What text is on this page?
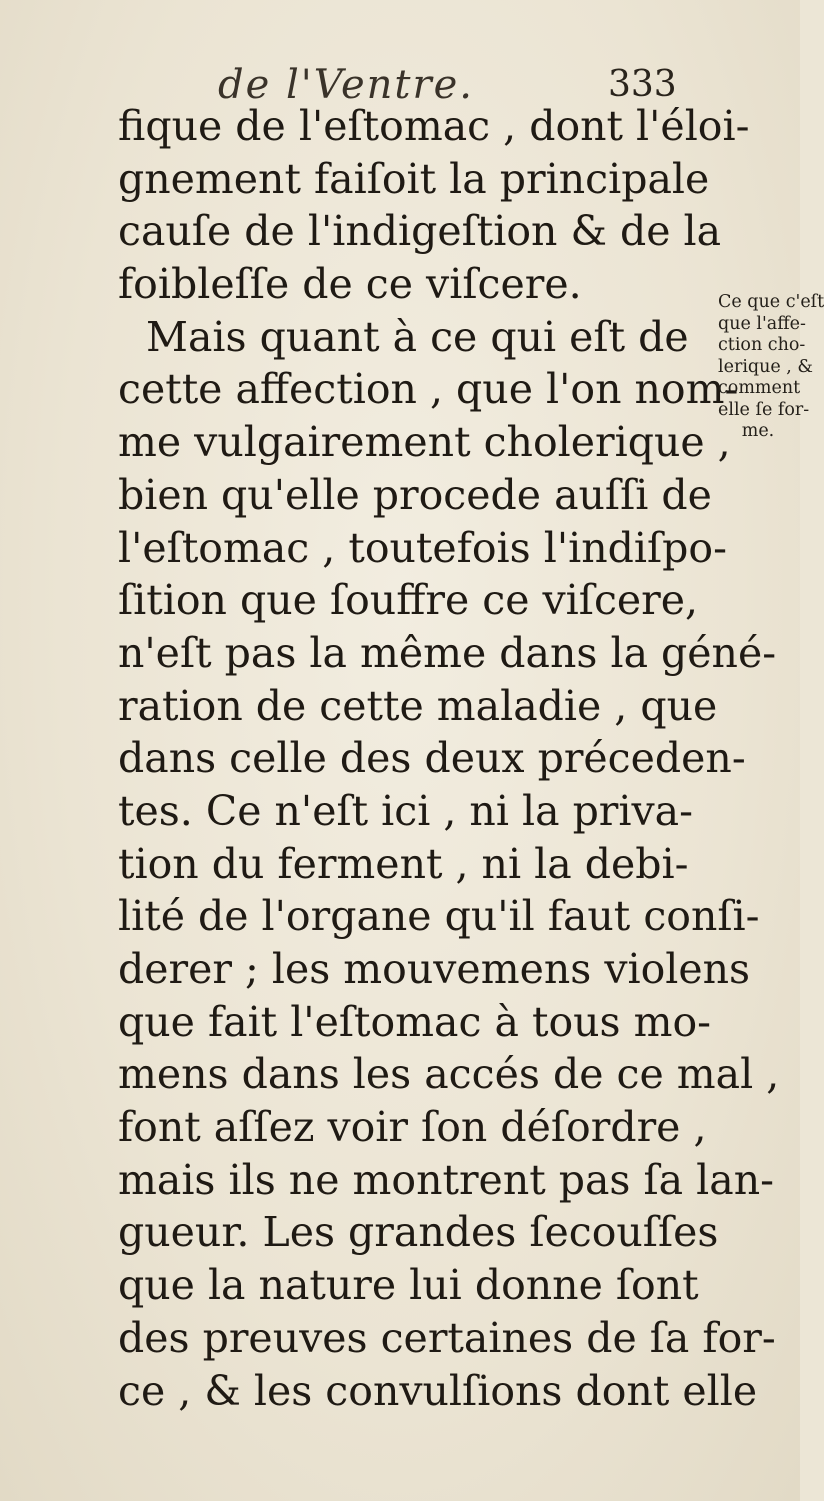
de l'Ventre.	333
fique de l'eſtomac , dont l'éloi-
gnement faiſoit la principale
cauſe de l'indigeſtion & de la
foibleſſe de ce viſcere.
Mais quant à ce qui eſt de
cette affection , que l'on nom-
me vulgairement cholerique ,
bien qu'elle procede auſſi de
l'eſtomac , toutefois l'indiſpo-
ſition que ſouffre ce viſcere,
n'eſt pas la même dans la géné-
ration de cette maladie , que
dans celle des deux préceden-
tes. Ce n'eſt ici , ni la priva-
tion du ferment , ni la debi-
lité de l'organe qu'il faut conſi-
derer ; les mouvemens violens
que fait l'eſtomac à tous mo-
mens dans les accés de ce mal ,
font aſſez voir ſon déſordre ,
mais ils ne montrent pas ſa lan-
gueur. Les grandes ſecouſſes
que la nature lui donne ſont
des preuves certaines de ſa for-
ce , & les convulſions dont elle
Ce que c'eſt
que l'affe-
ction cho-
lerique , &
comment
elle ſe for-
me.
